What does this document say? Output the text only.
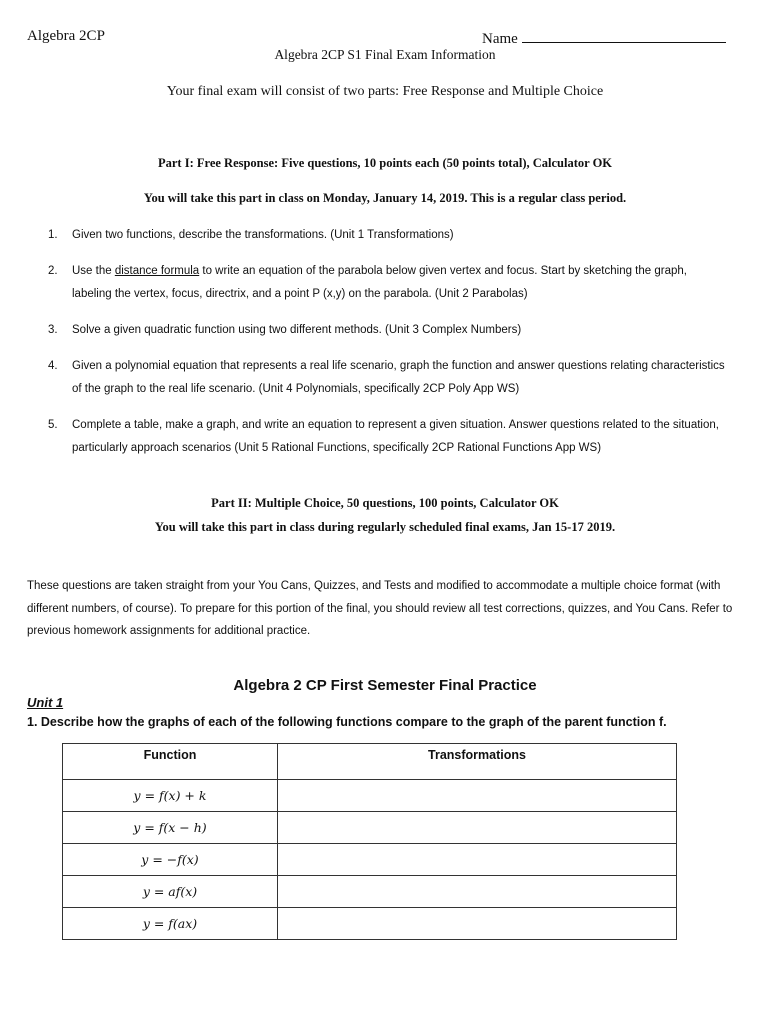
Algebra 2CP	Name
Algebra 2CP S1 Final Exam Information
Your final exam will consist of two parts: Free Response and Multiple Choice
Part I: Free Response: Five questions, 10 points each (50 points total), Calculator OK
You will take this part in class on Monday, January 14, 2019. This is a regular class period.
1.	Given two functions, describe the transformations. (Unit 1 Transformations)
2.	Use the distance formula to write an equation of the parabola below given vertex and focus. Start by sketching the graph, labeling the vertex, focus, directrix, and a point P (x,y) on the parabola. (Unit 2 Parabolas)
3.	Solve a given quadratic function using two different methods. (Unit 3 Complex Numbers)
4.	Given a polynomial equation that represents a real life scenario, graph the function and answer questions relating characteristics of the graph to the real life scenario. (Unit 4 Polynomials, specifically 2CP Poly App WS)
5.	Complete a table, make a graph, and write an equation to represent a given situation. Answer questions related to the situation, particularly approach scenarios (Unit 5 Rational Functions, specifically 2CP Rational Functions App WS)
Part II: Multiple Choice, 50 questions, 100 points, Calculator OK
You will take this part in class during regularly scheduled final exams, Jan 15-17 2019.
These questions are taken straight from your You Cans, Quizzes, and Tests and modified to accommodate a multiple choice format (with different numbers, of course). To prepare for this portion of the final, you should review all test corrections, quizzes, and You Cans. Refer to previous homework assignments for additional practice.
Algebra 2 CP First Semester Final Practice
Unit 1
1. Describe how the graphs of each of the following functions compare to the graph of the parent function f.
Function	Transformations
y = f(x) + k	
y = f(x − h)	
y = −f(x)	
y = af(x)	
y = f(ax)	
